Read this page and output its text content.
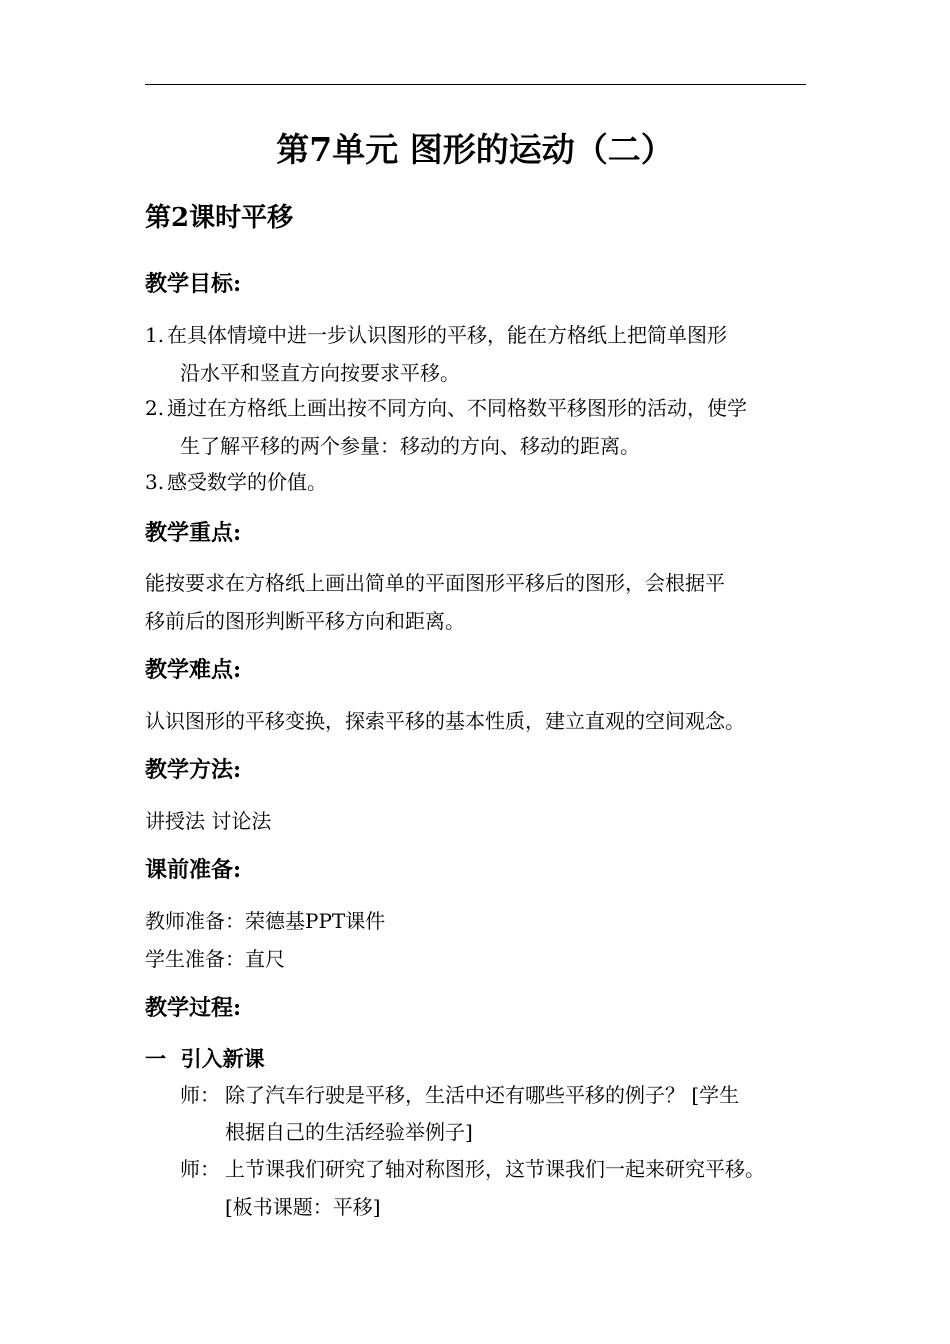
第7单元 图形的运动（二）
第2课时平移
教学目标:
1. 在具体情境中进一步认识图形的平移，能在方格纸上把简单图形
沿水平和竖直方向按要求平移。
2. 通过在方格纸上画出按不同方向、不同格数平移图形的活动，使学
生了解平移的两个参量：移动的方向、移动的距离。
3. 感受数学的价值。
教学重点:
能按要求在方格纸上画出简单的平面图形平移后的图形，会根据平
移前后的图形判断平移方向和距离。
教学难点:
认识图形的平移变换，探索平移的基本性质，建立直观的空间观念。
教学方法:
讲授法 讨论法
课前准备:
教师准备：荣德基PPT课件
学生准备：直尺
教学过程:
一  引入新课
师： 除了汽车行驶是平移，生活中还有哪些平移的例子？ [学生
根据自己的生活经验举例子]
师： 上节课我们研究了轴对称图形，这节课我们一起来研究平移。
[板书课题：平移]
